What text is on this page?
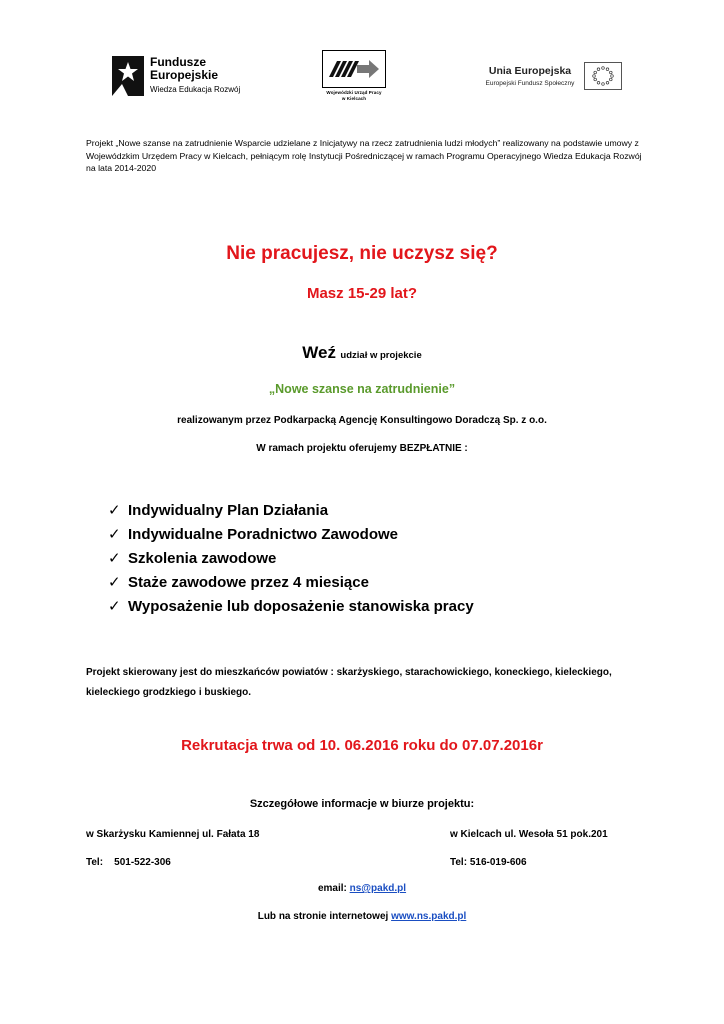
Fundusze
Europejskie
Wiedza Edukacja Rozwój	Wojewódzki Urząd Pracy
w Kielcach
Unia Europejska
Europejski Fundusz Społeczny
Projekt „Nowe szanse na zatrudnienie Wsparcie udzielane z Inicjatywy na rzecz zatrudnienia ludzi młodych” realizowany na podstawie umowy z Wojewódzkim Urzędem Pracy w Kielcach, pełniącym rolę Instytucji Pośredniczącej w ramach Programu Operacyjnego Wiedza Edukacja Rozwój na lata 2014-2020
Nie pracujesz, nie uczysz się?
Masz 15-29 lat?
Weź udział w projekcie
„Nowe szanse na zatrudnienie”
realizowanym przez Podkarpacką Agencję Konsultingowo Doradczą Sp. z o.o.
W ramach projektu oferujemy BEZPŁATNIE :
✓ Indywidualny Plan Działania
✓ Indywidualne Poradnictwo Zawodowe
✓ Szkolenia zawodowe
✓ Staże zawodowe przez 4 miesiące
✓ Wyposażenie lub doposażenie stanowiska pracy
Projekt skierowany jest do mieszkańców powiatów : skarżyskiego, starachowickiego, koneckiego, kieleckiego, kieleckiego grodzkiego i buskiego.
Rekrutacja trwa od 10. 06.2016 roku do 07.07.2016r
Szczegółowe informacje w biurze projektu:
w Skarżysku Kamiennej ul. Fałata 18	w Kielcach ul. Wesoła 51 pok.201
Tel:    501-522-306	Tel: 516-019-606
email: ns@pakd.pl
Lub na stronie internetowej www.ns.pakd.pl
